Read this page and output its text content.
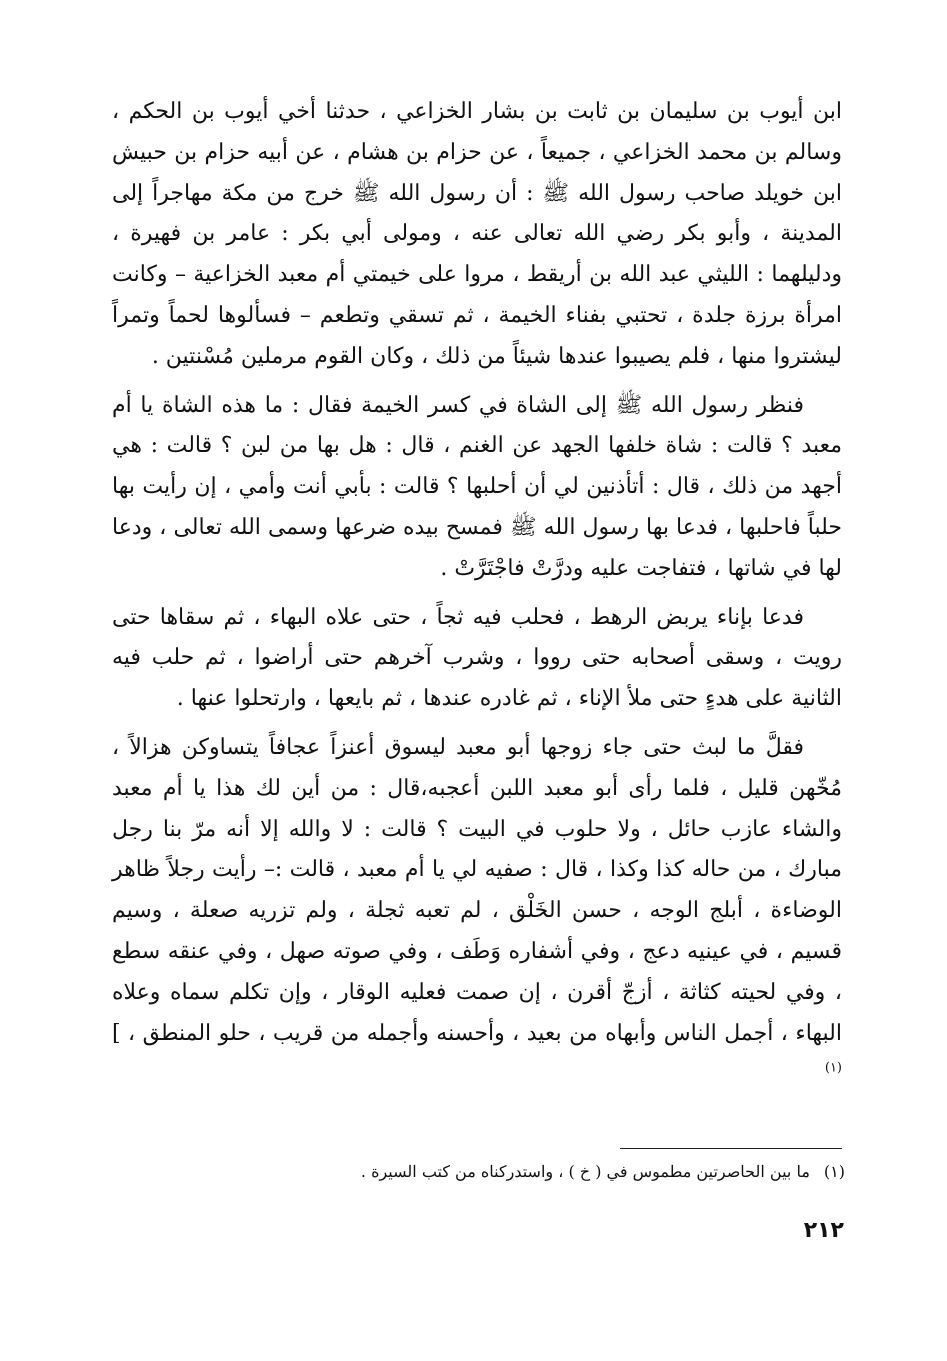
ابن أيوب بن سليمان بن ثابت بن بشار الخزاعي ، حدثنا أخي أيوب بن الحكم ، وسالم بن محمد الخزاعي ، جميعاً ، عن حزام بن هشام ، عن أبيه حزام بن حبيش ابن خويلد صاحب رسول الله ﷺ : أن رسول الله ﷺ خرج من مكة مهاجراً إلى المدينة ، وأبو بكر رضي الله تعالى عنه ، ومولى أبي بكر : عامر بن فهيرة ، ودليلهما : الليثي عبد الله بن أريقط ، مروا على خيمتي أم معبد الخزاعية – وكانت امرأة برزة جلدة ، تحتبي بفناء الخيمة ، ثم تسقي وتطعم – فسألوها لحماً وتمراً ليشتروا منها ، فلم يصيبوا عندها شيئاً من ذلك ، وكان القوم مرملين مُسْنتين .

فنظر رسول الله ﷺ إلى الشاة في كسر الخيمة فقال : ما هذه الشاة يا أم معبد ؟ قالت : شاة خلفها الجهد عن الغنم ، قال : هل بها من لبن ؟ قالت : هي أجهد من ذلك ، قال : أتأذنين لي أن أحلبها ؟ قالت : بأبي أنت وأمي ، إن رأيت بها حلباً فاحلبها ، فدعا بها رسول الله ﷺ فمسح بيده ضرعها وسمى الله تعالى ، ودعا لها في شاتها ، فتفاجت عليه ودرَّتْ فاجْتَرَّتْ .

فدعا بإناء يربض الرهط ، فحلب فيه ثجاً ، حتى علاه البهاء ، ثم سقاها حتى رويت ، وسقى أصحابه حتى رووا ، وشرب آخرهم حتى أراضوا ، ثم حلب فيه الثانية على هدءٍ حتى ملأ الإناء ، ثم غادره عندها ، ثم بايعها ، وارتحلوا عنها .

فقلَّ ما لبث حتى جاء زوجها أبو معبد ليسوق أعنزاً عجافاً يتساوكن هزالاً ، مُخّهن قليل ، فلما رأى أبو معبد اللبن أعجبه،قال : من أين لك هذا يا أم معبد والشاء عازب حائل ، ولا حلوب في البيت ؟ قالت : لا والله إلا أنه مرّ بنا رجل مبارك ، من حاله كذا وكذا ، قال : صفيه لي يا أم معبد ، قالت :– رأيت رجلاً ظاهر الوضاءة ، أبلج الوجه ، حسن الخَلْق ، لم تعبه ثجلة ، ولم تزريه صعلة ، وسيم قسيم ، في عينيه دعج ، وفي أشفاره وَطَف ، وفي صوته صهل ، وفي عنقه سطع ، وفي لحيته كثاثة ، أزجّ أقرن ، إن صمت فعليه الوقار ، وإن تكلم سماه وعلاه البهاء ، أجمل الناس وأبهاه من بعيد ، وأحسنه وأجمله من قريب ، حلو المنطق ، ]$^{(١)}$

(١)ما بين الحاصرتين مطموس في ( خ ) ، واستدركناه من كتب السيرة .
٢١٢
